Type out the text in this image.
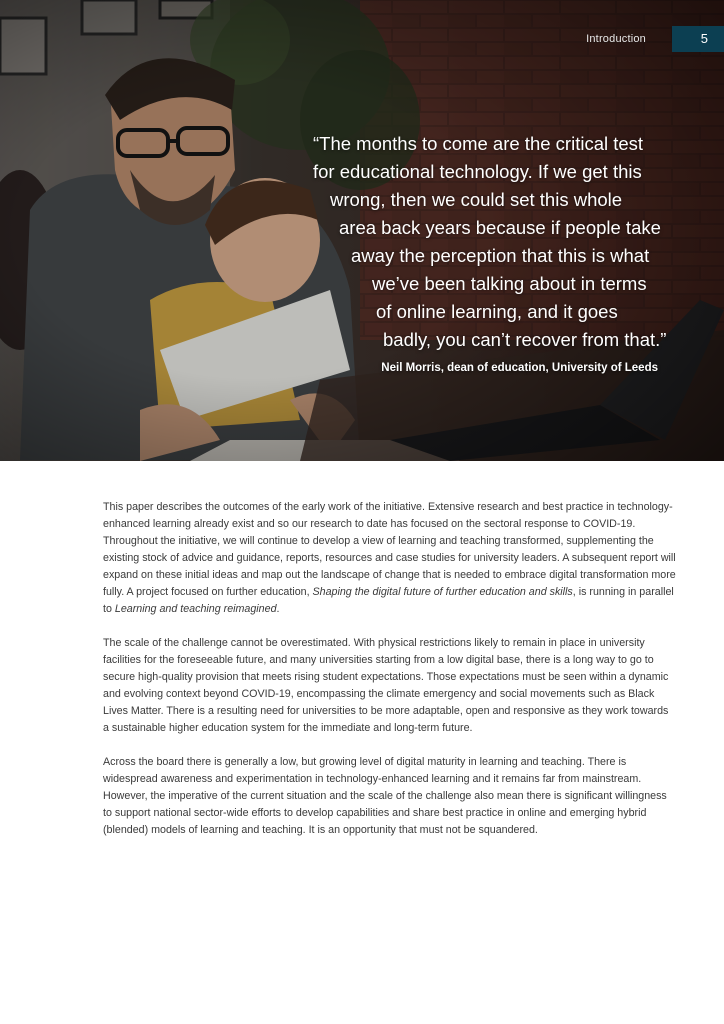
Introduction	5
“The months to come are the critical test
for educational technology. If we get this
wrong, then we could set this whole
area back years because if people take
away the perception that this is what
we’ve been talking about in terms
of online learning, and it goes
badly, you can’t recover from that.”
Neil Morris, dean of education, University of Leeds

This paper describes the outcomes of the early work of the initiative. Extensive research and best practice in technology-enhanced learning already exist and so our research to date has focused on the sectoral response to COVID-19. Throughout the initiative, we will continue to develop a view of learning and teaching transformed, supplementing the existing stock of advice and guidance, reports, resources and case studies for university leaders. A subsequent report will expand on these initial ideas and map out the landscape of change that is needed to embrace digital transformation more fully. A project focused on further education, Shaping the digital future of further education and skills, is running in parallel to Learning and teaching reimagined.

The scale of the challenge cannot be overestimated. With physical restrictions likely to remain in place in university facilities for the foreseeable future, and many universities starting from a low digital base, there is a long way to go to secure high-quality provision that meets rising student expectations. Those expectations must be seen within a dynamic and evolving context beyond COVID-19, encompassing the climate emergency and social movements such as Black Lives Matter. There is a resulting need for universities to be more adaptable, open and responsive as they work towards a sustainable higher education system for the immediate and long-term future.

Across the board there is generally a low, but growing level of digital maturity in learning and teaching. There is widespread awareness and experimentation in technology-enhanced learning and it remains far from mainstream. However, the imperative of the current situation and the scale of the challenge also mean there is significant willingness to support national sector-wide efforts to develop capabilities and share best practice in online and emerging hybrid (blended) models of learning and teaching. It is an opportunity that must not be squandered.
